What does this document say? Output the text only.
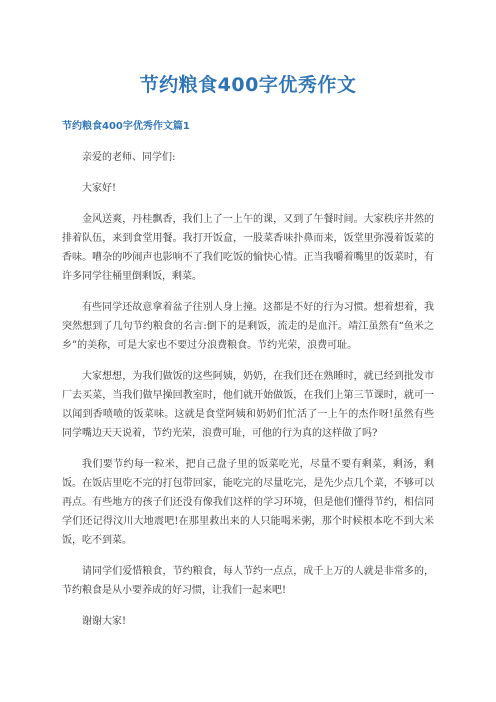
节约粮食400字优秀作文
节约粮食400字优秀作文篇1

亲爱的老师、同学们:

大家好!

金风送爽，丹桂飘香，我们上了一上午的课，又到了午餐时间。大家秩序井然的排着队伍，来到食堂用餐。我打开饭盒，一股菜香味扑鼻而来，饭堂里弥漫着饭菜的香味。嘈杂的吵闹声也影响不了我们吃饭的愉快心情。正当我嚼着嘴里的饭菜时，有许多同学往桶里倒剩饭，剩菜。

有些同学还故意拿着盆子往别人身上撞。这都是不好的行为习惯。想着想着，我突然想到了几句节约粮食的名言:倒下的是剩饭，流走的是血汗。靖江虽然有“鱼米之乡”的美称，可是大家也不要过分浪费粮食。节约光荣，浪费可耻。

大家想想，为我们做饭的这些阿姨，奶奶，在我们还在熟睡时，就已经到批发市厂去买菜，当我们做早操回教室时，他们就开始做饭，在我们上第三节课时，就可一以闻到香喷喷的饭菜味。这就是食堂阿姨和奶奶们忙活了一上午的杰作呀!虽然有些同学嘴边天天说着，节约光荣，浪费可耻，可他的行为真的这样做了吗?

我们要节约每一粒米，把自己盘子里的饭菜吃光，尽量不要有剩菜，剩汤，剩饭。在饭店里吃不完的打包带回家，能吃完的尽量吃完，是先少点几个菜，不够可以再点。有些地方的孩子们还没有像我们这样的学习环境，但是他们懂得节约，相信同学们还记得汶川大地震吧!在那里救出来的人只能喝米粥，那个时候根本吃不到大米饭，吃不到菜。

请同学们爱惜粮食，节约粮食，每人节约一点点，成千上万的人就是非常多的，节约粮食是从小要养成的好习惯，让我们一起来吧!

谢谢大家!
